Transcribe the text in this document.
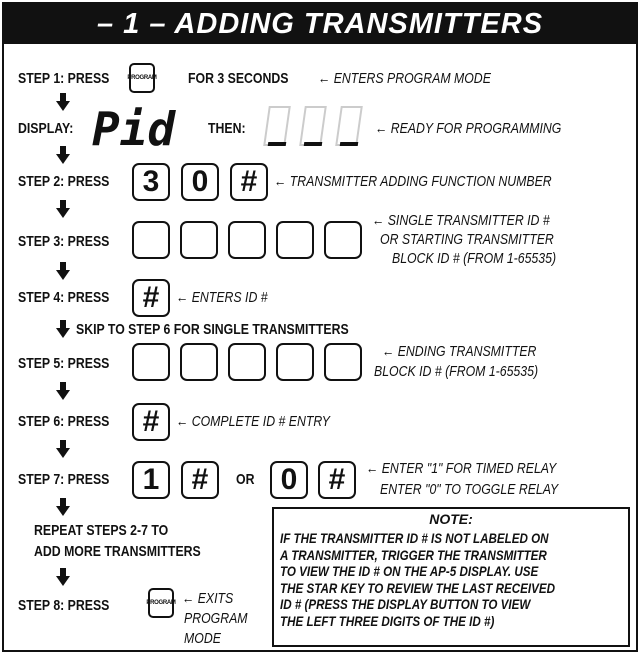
– 1 – ADDING TRANSMITTERS
STEP 1: PRESS	PROGRAM FOR 3 SECONDS ← ENTERS PROGRAM MODE
DISPLAY: Pid THEN:	← READY FOR PROGRAMMING
STEP 2: PRESS 3 0 # ← TRANSMITTER ADDING FUNCTION NUMBER
STEP 3: PRESS
← SINGLE TRANSMITTER ID #
OR STARTING TRANSMITTER
BLOCK ID # (FROM 1-65535)
STEP 4: PRESS # ← ENTERS ID #
SKIP TO STEP 6 FOR SINGLE TRANSMITTERS
STEP 5: PRESS
← ENDING TRANSMITTER
BLOCK ID # (FROM 1-65535)
STEP 6: PRESS # ← COMPLETE ID # ENTRY
STEP 7: PRESS 1 # OR 0 # ← ENTER "1" FOR TIMED RELAY
ENTER "0" TO TOGGLE RELAY
REPEAT STEPS 2-7 TO
ADD MORE TRANSMITTERS
STEP 8: PRESS	PROGRAM ← EXITS
PROGRAM
MODE
NOTE:
IF THE TRANSMITTER ID # IS NOT LABELED ON
A TRANSMITTER, TRIGGER THE TRANSMITTER
TO VIEW THE ID # ON THE AP-5 DISPLAY. USE
THE STAR KEY TO REVIEW THE LAST RECEIVED
ID # (PRESS THE DISPLAY BUTTON TO VIEW
THE LEFT THREE DIGITS OF THE ID #)
